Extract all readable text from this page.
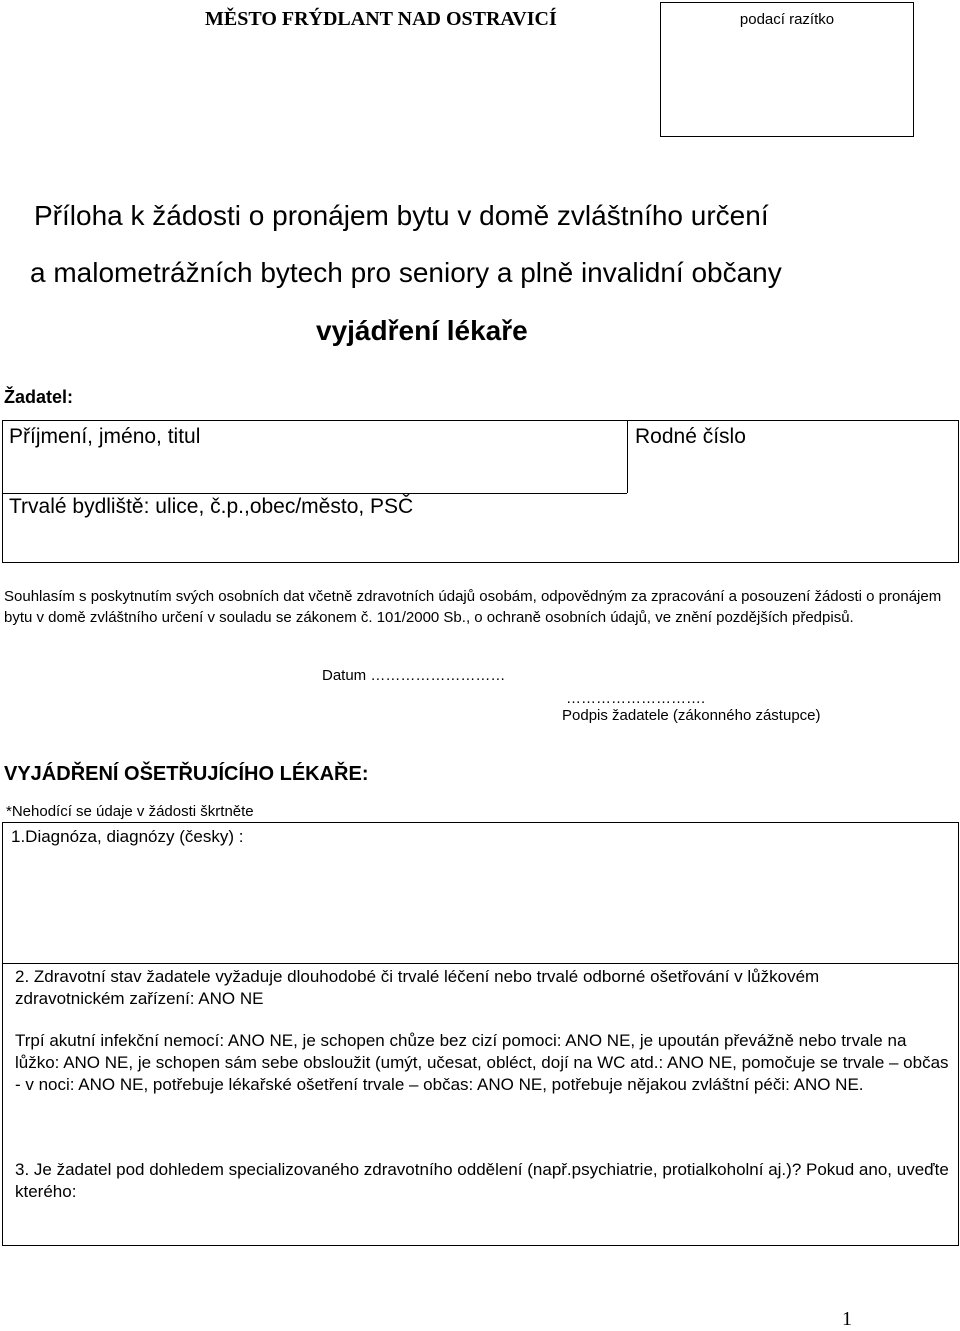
MĚSTO FRÝDLANT NAD OSTRAVICÍ	podací razítko
Příloha k žádosti o pronájem bytu v domě zvláštního určení
a malometrážních bytech pro seniory a plně invalidní občany
vyjádření lékaře
Žadatel:
Příjmení, jméno, titul	Rodné číslo
Trvalé bydliště: ulice, č.p.,obec/město, PSČ
Souhlasím s poskytnutím svých osobních dat včetně zdravotních údajů osobám, odpovědným za zpracování a posouzení žádosti o pronájem bytu v domě zvláštního určení v souladu se zákonem č. 101/2000 Sb., o ochraně osobních údajů, ve znění pozdějších předpisů.
Datum ………………………
……………………….
Podpis žadatele (zákonného zástupce)
VYJÁDŘENÍ OŠETŘUJÍCÍHO LÉKAŘE:
*Nehodící se údaje v žádosti škrtněte
1.Diagnóza, diagnózy (česky) :
2. Zdravotní stav žadatele vyžaduje dlouhodobé či trvalé léčení nebo trvalé odborné ošetřování v lůžkovém
zdravotnickém zařízení: ANO NE
Trpí akutní infekční nemocí: ANO NE, je schopen chůze bez cizí pomoci: ANO NE, je upoután převážně nebo trvale na lůžko: ANO NE, je schopen sám sebe obsloužit (umýt, učesat, obléct, dojí na WC atd.: ANO NE, pomočuje se trvale – občas - v noci: ANO NE, potřebuje lékařské ošetření trvale – občas: ANO NE, potřebuje nějakou zvláštní péči: ANO NE.
3. Je žadatel pod dohledem specializovaného zdravotního oddělení (např.psychiatrie, protialkoholní aj.)? Pokud ano, uveďte kterého:
1
